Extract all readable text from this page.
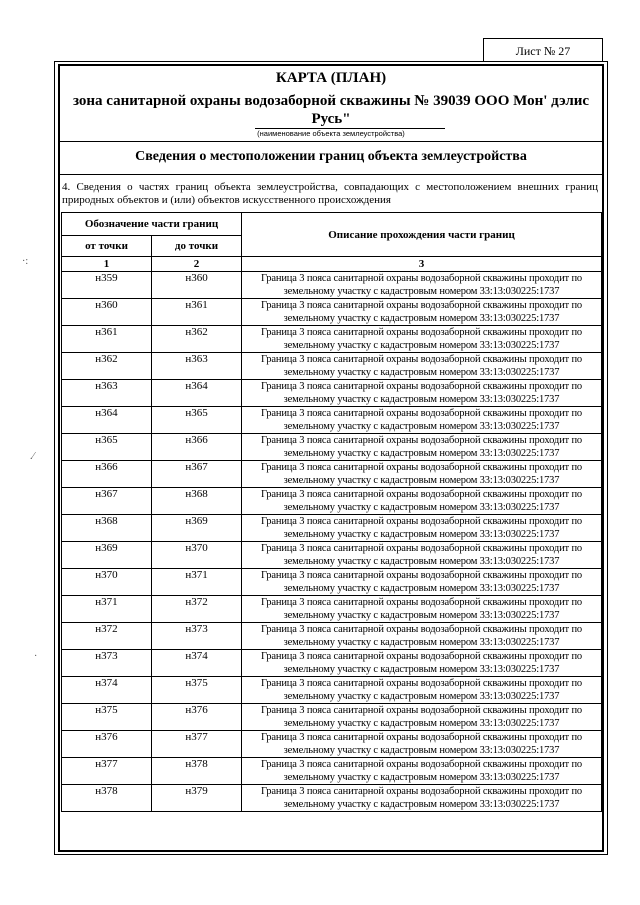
Лист № 27
КАРТА (ПЛАН)
зона санитарной охраны водозаборной скважины № 39039 ООО Мон' дэлис Русь"
(наименование объекта землеустройства)
Сведения о местоположении границ объекта землеустройства
4. Сведения о частях границ объекта землеустройства, совпадающих с местоположением внешних границ природных объектов и (или) объектов искусственного происхождения
Обозначение части границ		Описание прохождения части границ
от точки	до точки	
1	2	3
н359	н360	Граница 3 пояса санитарной охраны водозаборной скважины проходит по земельному участку с кадастровым номером 33:13:030225:1737
н360	н361	Граница 3 пояса санитарной охраны водозаборной скважины проходит по земельному участку с кадастровым номером 33:13:030225:1737
н361	н362	Граница 3 пояса санитарной охраны водозаборной скважины проходит по земельному участку с кадастровым номером 33:13:030225:1737
н362	н363	Граница 3 пояса санитарной охраны водозаборной скважины проходит по земельному участку с кадастровым номером 33:13:030225:1737
н363	н364	Граница 3 пояса санитарной охраны водозаборной скважины проходит по земельному участку с кадастровым номером 33:13:030225:1737
н364	н365	Граница 3 пояса санитарной охраны водозаборной скважины проходит по земельному участку с кадастровым номером 33:13:030225:1737
н365	н366	Граница 3 пояса санитарной охраны водозаборной скважины проходит по земельному участку с кадастровым номером 33:13:030225:1737
н366	н367	Граница 3 пояса санитарной охраны водозаборной скважины проходит по земельному участку с кадастровым номером 33:13:030225:1737
н367	н368	Граница 3 пояса санитарной охраны водозаборной скважины проходит по земельному участку с кадастровым номером 33:13:030225:1737
н368	н369	Граница 3 пояса санитарной охраны водозаборной скважины проходит по земельному участку с кадастровым номером 33:13:030225:1737
н369	н370	Граница 3 пояса санитарной охраны водозаборной скважины проходит по земельному участку с кадастровым номером 33:13:030225:1737
н370	н371	Граница 3 пояса санитарной охраны водозаборной скважины проходит по земельному участку с кадастровым номером 33:13:030225:1737
н371	н372	Граница 3 пояса санитарной охраны водозаборной скважины проходит по земельному участку с кадастровым номером 33:13:030225:1737
н372	н373	Граница 3 пояса санитарной охраны водозаборной скважины проходит по земельному участку с кадастровым номером 33:13:030225:1737
н373	н374	Граница 3 пояса санитарной охраны водозаборной скважины проходит по земельному участку с кадастровым номером 33:13:030225:1737
н374	н375	Граница 3 пояса санитарной охраны водозаборной скважины проходит по земельному участку с кадастровым номером 33:13:030225:1737
н375	н376	Граница 3 пояса санитарной охраны водозаборной скважины проходит по земельному участку с кадастровым номером 33:13:030225:1737
н376	н377	Граница 3 пояса санитарной охраны водозаборной скважины проходит по земельному участку с кадастровым номером 33:13:030225:1737
н377	н378	Граница 3 пояса санитарной охраны водозаборной скважины проходит по земельному участку с кадастровым номером 33:13:030225:1737
н378	н379	Граница 3 пояса санитарной охраны водозаборной скважины проходит по земельному участку с кадастровым номером 33:13:030225:1737
·:
.⁄
·
